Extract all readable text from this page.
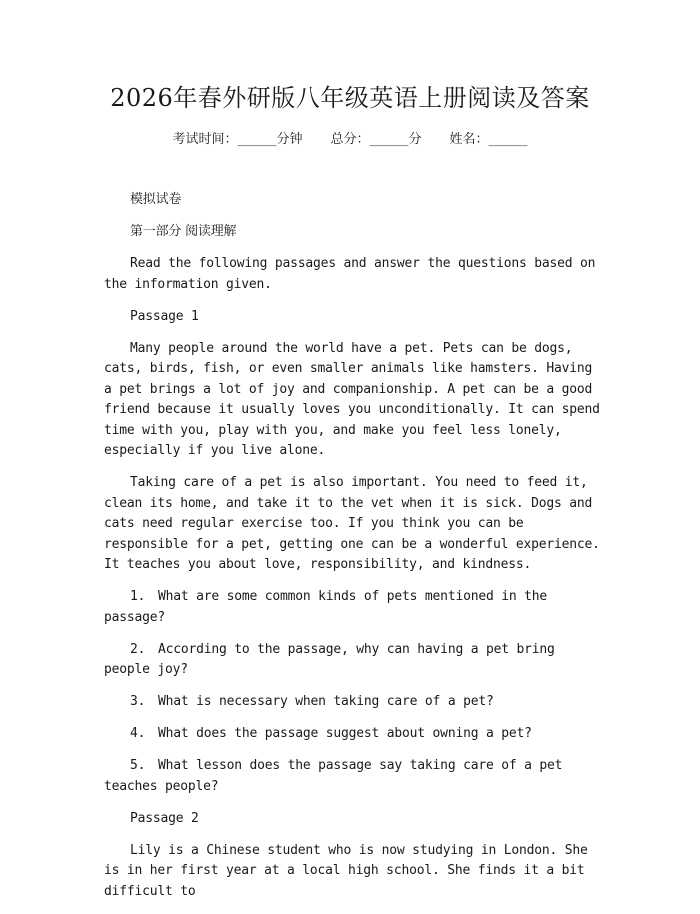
2026年春外研版八年级英语上册阅读及答案
考试时间：______分钟 总分：______分 姓名：______

模拟试卷

第一部分 阅读理解

Read the following passages and answer the questions based on the information given.

Passage 1

Many people around the world have a pet. Pets can be dogs, cats, birds, fish, or even smaller animals like hamsters. Having a pet brings a lot of joy and companionship. A pet can be a good friend because it usually loves you unconditionally. It can spend time with you, play with you, and make you feel less lonely, especially if you live alone.

Taking care of a pet is also important. You need to feed it, clean its home, and take it to the vet when it is sick. Dogs and cats need regular exercise too. If you think you can be responsible for a pet, getting one can be a wonderful experience. It teaches you about love, responsibility, and kindness.

1. What are some common kinds of pets mentioned in the passage?
2. According to the passage, why can having a pet bring people joy?
3. What is necessary when taking care of a pet?
4. What does the passage suggest about owning a pet?
5. What lesson does the passage say taking care of a pet teaches people?

Passage 2

Lily is a Chinese student who is now studying in London. She is in her first year at a local high school. She finds it a bit difficult to
